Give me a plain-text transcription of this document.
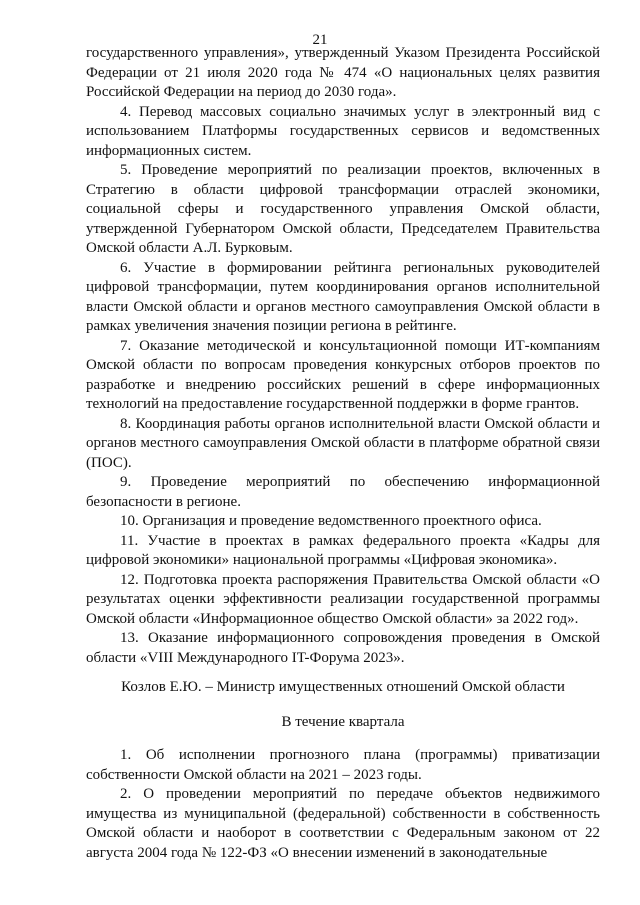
21

государственного управления», утвержденный Указом Президента Российской Федерации от 21 июля 2020 года № 474 «О национальных целях развития Российской Федерации на период до 2030 года».

4. Перевод массовых социально значимых услуг в электронный вид с использованием Платформы государственных сервисов и ведомственных информационных систем.

5. Проведение мероприятий по реализации проектов, включенных в Стратегию в области цифровой трансформации отраслей экономики, социальной сферы и государственного управления Омской области, утвержденной Губернатором Омской области, Председателем Правительства Омской области А.Л. Бурковым.

6. Участие в формировании рейтинга региональных руководителей цифровой трансформации, путем координирования органов исполнительной власти Омской области и органов местного самоуправления Омской области в рамках увеличения значения позиции региона в рейтинге.

7. Оказание методической и консультационной помощи ИТ-компаниям Омской области по вопросам проведения конкурсных отборов проектов по разработке и внедрению российских решений в сфере информационных технологий на предоставление государственной поддержки в форме грантов.

8. Координация работы органов исполнительной власти Омской области и органов местного самоуправления Омской области в платформе обратной связи (ПОС).

9. Проведение мероприятий по обеспечению информационной безопасности в регионе.

10. Организация и проведение ведомственного проектного офиса.

11. Участие в проектах в рамках федерального проекта «Кадры для цифровой экономики» национальной программы «Цифровая экономика».

12. Подготовка проекта распоряжения Правительства Омской области «О результатах оценки эффективности реализации государственной программы Омской области «Информационное общество Омской области» за 2022 год».

13. Оказание информационного сопровождения проведения в Омской области «VIII Международного IT-Форума 2023».

Козлов Е.Ю. – Министр имущественных отношений Омской области
В течение квартала

1. Об исполнении прогнозного плана (программы) приватизации собственности Омской области на 2021 – 2023 годы.

2. О проведении мероприятий по передаче объектов недвижимого имущества из муниципальной (федеральной) собственности в собственность Омской области и наоборот в соответствии с Федеральным законом от 22 августа 2004 года № 122-ФЗ «О внесении изменений в законодательные
